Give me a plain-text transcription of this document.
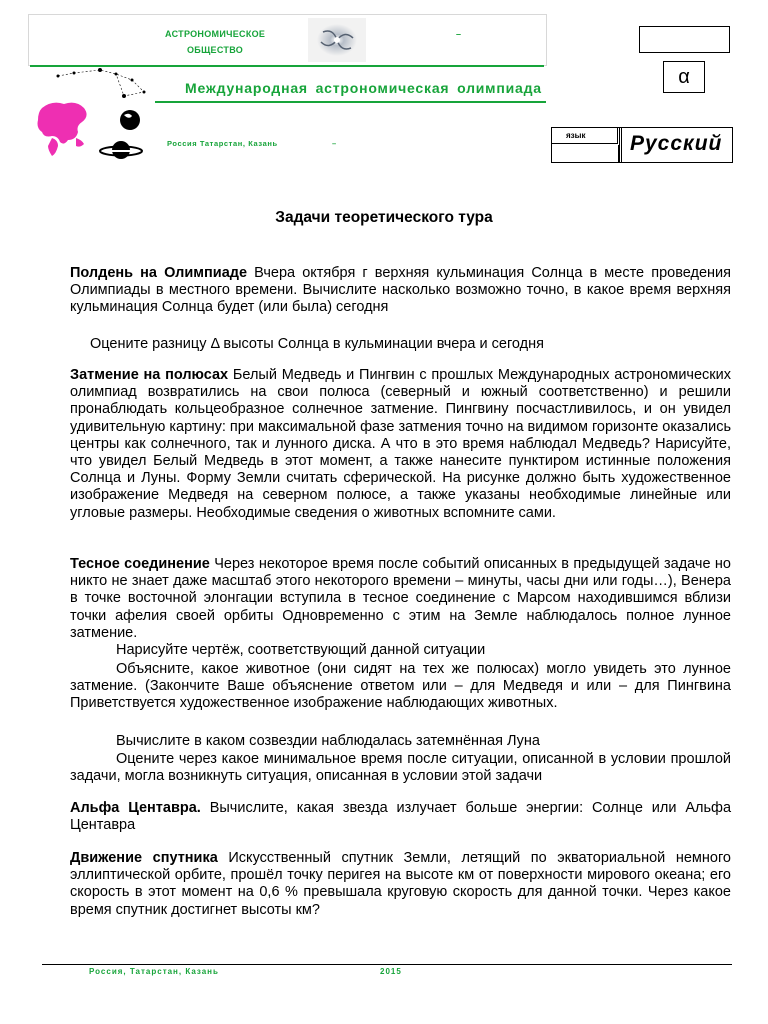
АСТРОНОМИЧЕСКОЕ
ОБЩЕСТВО
–
Международная астрономическая олимпиада
Россия Татарстан, Казань	–
α
язык	Русский
Задачи теоретического тура
Полдень на Олимпиаде Вчера октября г верхняя кульминация Солнца в месте проведения Олимпиады в местного времени. Вычислите насколько возможно точно, в какое время верхняя кульминация Солнца будет (или была) сегодня
Оцените разницу Δ высоты Солнца в кульминации вчера и сегодня
Затмение на полюсах Белый Медведь и Пингвин с прошлых Международных астрономических олимпиад возвратились на свои полюса (северный и южный соответственно) и решили пронаблюдать кольцеобразное солнечное затмение. Пингвину посчастливилось, и он увидел удивительную картину: при максимальной фазе затмения точно на видимом горизонте оказались центры как солнечного, так и лунного диска. А что в это время наблюдал Медведь? Нарисуйте, что увидел Белый Медведь в этот момент, а также нанесите пунктиром истинные положения Солнца и Луны. Форму Земли считать сферической. На рисунке должно быть художественное изображение Медведя на северном полюсе, а также указаны необходимые линейные или угловые размеры. Необходимые сведения о животных вспомните сами.
Тесное соединение Через некоторое время после событий описанных в предыдущей задаче но никто не знает даже масштаб этого некоторого времени – минуты, часы дни или годы…), Венера в точке восточной элонгации вступила в тесное соединение с Марсом находившимся вблизи точки афелия своей орбиты Одновременно с этим на Земле наблюдалось полное лунное затмение.
Нарисуйте чертёж, соответствующий данной ситуации
Объясните, какое животное (они сидят на тех же полюсах) могло увидеть это лунное затмение. (Закончите Ваше объяснение ответом или – для Медведя и или – для Пингвина Приветствуется художественное изображение наблюдающих животных.
Вычислите в каком созвездии наблюдалась затемнённая Луна
Оцените через какое минимальное время после ситуации, описанной в условии прошлой задачи, могла возникнуть ситуация, описанная в условии этой задачи
Альфа Центавра. Вычислите, какая звезда излучает больше энергии: Солнце или Альфа Центавра
Движение спутника Искусственный спутник Земли, летящий по экваториальной немного эллиптической орбите, прошёл точку перигея на высоте км от поверхности мирового океана; его скорость в этот момент на 0,6 % превышала круговую скорость для данной точки. Через какое время спутник достигнет высоты км?
Россия, Татарстан, Казань	2015
